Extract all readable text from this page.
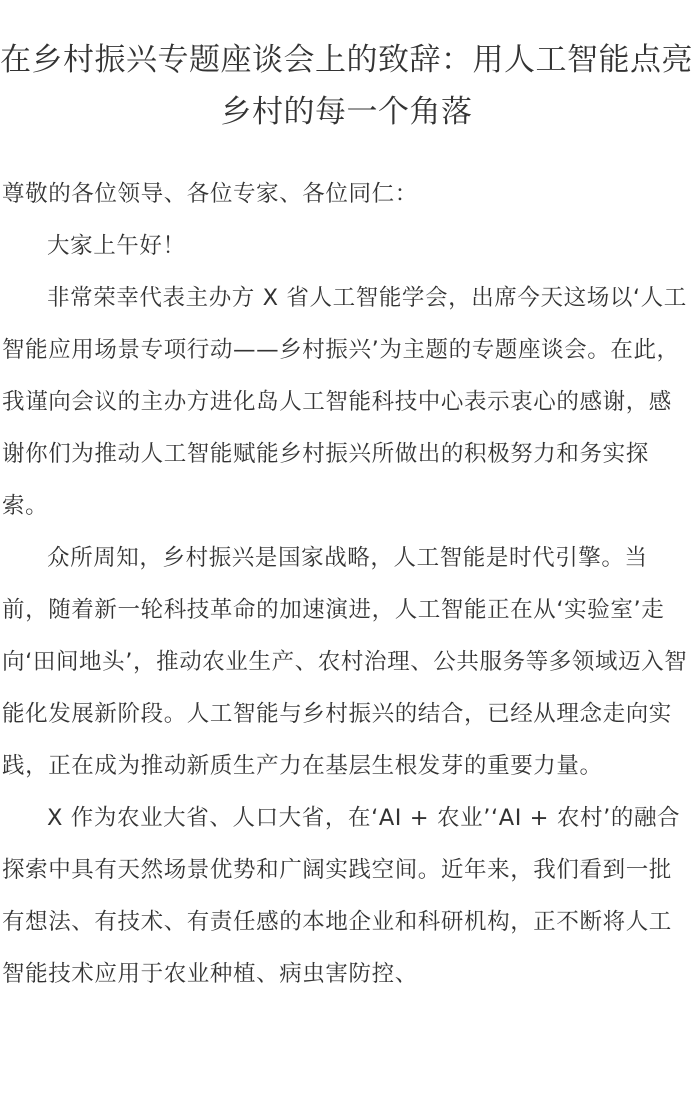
在乡村振兴专题座谈会上的致辞：用人工智能点亮乡村的每一个角落

尊敬的各位领导、各位专家、各位同仁：

大家上午好！

非常荣幸代表主办方 X 省人工智能学会，出席今天这场以‘人工智能应用场景专项行动——乡村振兴’为主题的专题座谈会。在此，我谨向会议的主办方进化岛人工智能科技中心表示衷心的感谢，感谢你们为推动人工智能赋能乡村振兴所做出的积极努力和务实探索。

众所周知，乡村振兴是国家战略，人工智能是时代引擎。当前，随着新一轮科技革命的加速演进，人工智能正在从‘实验室’走向‘田间地头’，推动农业生产、农村治理、公共服务等多领域迈入智能化发展新阶段。人工智能与乡村振兴的结合，已经从理念走向实践，正在成为推动新质生产力在基层生根发芽的重要力量。

X 作为农业大省、人口大省，在‘AI + 农业’‘AI + 农村’的融合探索中具有天然场景优势和广阔实践空间。近年来，我们看到一批有想法、有技术、有责任感的本地企业和科研机构，正不断将人工智能技术应用于农业种植、病虫害防控、
